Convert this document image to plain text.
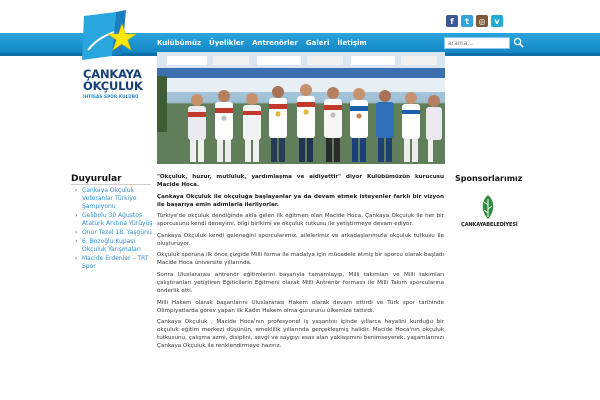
ÇANKAYA
OKÇULUK
İHTİSAS SPOR KULÜBÜ
Kulübümüz Üyelikler Antrenörler Galeri İletişim
arama...
f	t	◎	v
Duyurular
› Çankaya Okçuluk Veteranlar Türkiye Şampiyonu
› Gelibolu 30 Ağustos Atatürk Anıtına Yürüyüş
› Onur Tezel 18. Yaşgünü
› 6. Bozoğlu Kupası Okçuluk Yarışmaları
› Macide Erdenler – TRT Spor

"Okçuluk, huzur, mutluluk, yardımlaşma ve aidiyettir" diyor Kulübümüzün kurucusu Macide Hoca.

Çankaya Okçuluk ile okçuluğa başlayanlar ya da devam etmek isteyenler farklı bir vizyon ile başarıya emin adımlarla ilerliyorlar.

Türkiye'de okçuluk dendiğinde akla gelen ilk eğitmen olan Macide Hoca, Çankaya Okçuluk ile her bir sporcusunu kendi deneyimi, bilgi birikimi ve okçuluk tutkusu ile yetiştirmeye devam ediyor.

Çankaya Okçuluk kendi geleneğini sporcularımız, ailelerimiz ve arkadaşlarımızla okçuluk tutkusu ile oluşturuyor.

Okçuluk sporuna ilk önce çizgide Milli forma ile madalya için mücadele etmiş bir sporcu olarak başladı Macide Hoca üniversite yıllarında.

Sonra Uluslararası antrenör eğitimlerini başarıyla tamamlayıp, Milli takımları ve Milli takımları çalıştıranları yetiştiren Eğiticilerin Eğitmeni olarak Milli Antrenör formasıı ile Milli Takım sporcularına önderlik etti.

Milli Hakem olarak başarılarını Uluslararası Hakem olarak devam ettirdi ve Türk spor tarihinde Olimpiyatlarda görev yapan ilk Kadın Hakem olma gururunu ülkemize tattırdı.

Çankaya Okçuluk , Macide Hoca'nın profesyonel iş yaşantısı içinde yıllarca hayalini kurduğu bir okçuluk eğitim merkezi düşünün, emeklilik yıllarında gerçekleşmiş halidir. Macide Hoca'nın okçuluk tutkusunu, çalışma azmi, disiplini, sevgi ve saygıyı esas alan yaklaşımını benimseyerek, yaşamlarınızı Çankaya Okçuluk ile renklendirmeye hazırız.

Sponsorlarımız
ÇANKAYABELEDİYESİ
